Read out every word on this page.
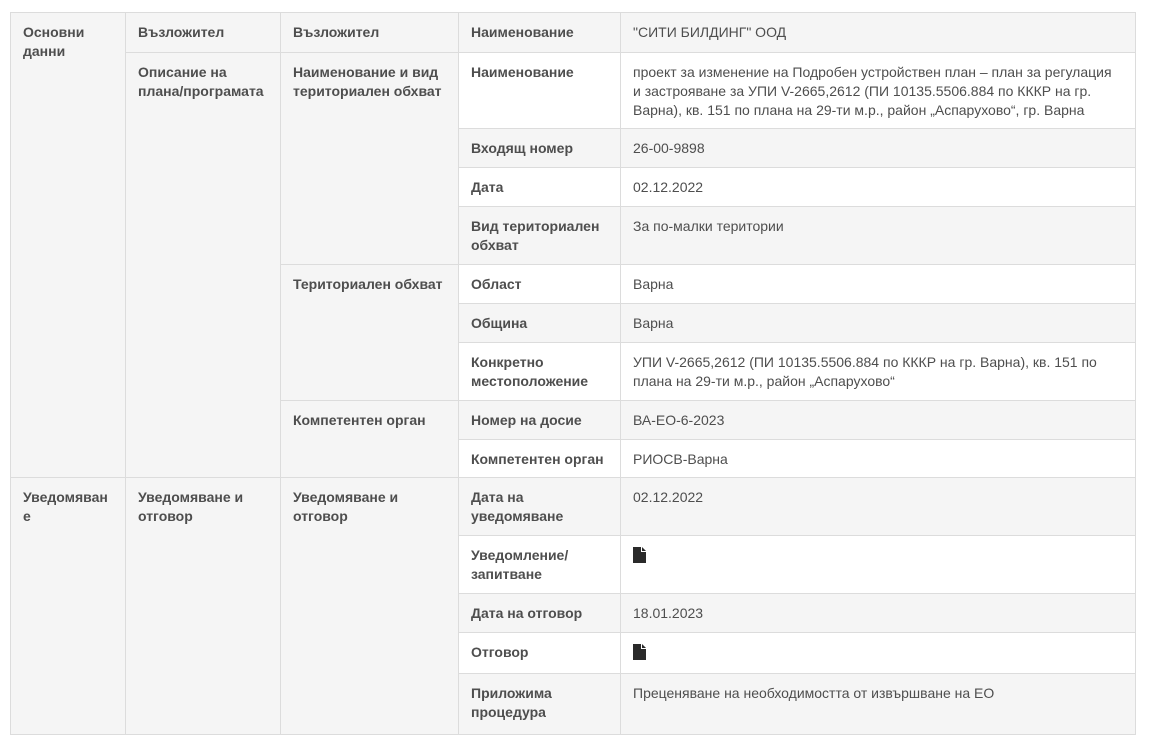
Основни данни	Възложител	Възложител	Наименование	"СИТИ БИЛДИНГ" ООД
	Описание на плана/програмата	Наименование и вид териториален обхват	Наименование	проект за изменение на Подробен устройствен план – план за регулация и застрояване за УПИ V-2665,2612 (ПИ 10135.5506.884 по КККР на гр. Варна), кв. 151 по плана на 29-ти м.р., район „Аспарухово“, гр. Варна
			Входящ номер	26-00-9898
			Дата	02.12.2022
			Вид териториален обхват	За по-малки територии
		Териториален обхват	Област	Варна
			Община	Варна
			Конкретно местоположение	УПИ V-2665,2612 (ПИ 10135.5506.884 по КККР на гр. Варна), кв. 151 по плана на 29-ти м.р., район „Аспарухово“
		Компетентен орган	Номер на досие	ВА-ЕО-6-2023
			Компетентен орган	РИОСВ-Варна
Уведомяване	Уведомяване и отговор	Уведомяване и отговор	Дата на уведомяване	02.12.2022
			Уведомление/​запитване	

			Дата на отговор	18.01.2023
			Отговор	

			Приложима процедура	Преценяване на необходимостта от извършване на ЕО
